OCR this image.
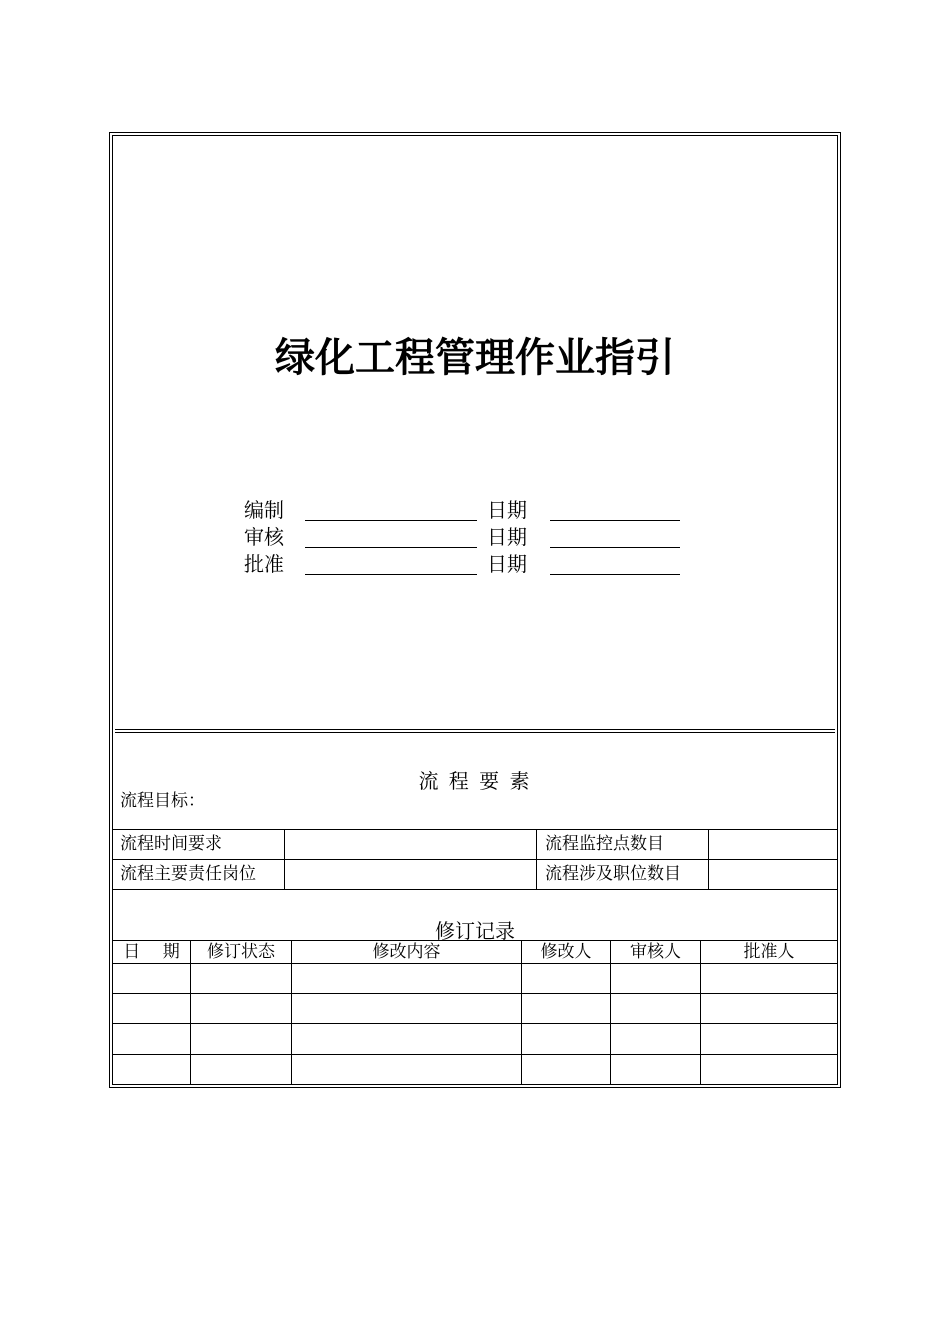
绿化工程管理作业指引
编制	日期
审核	日期
批准	日期
流 程 要 素
流程目标：
流程时间要求	流程监控点数目
流程主要责任岗位	流程涉及职位数目
修订记录
日　 期	修订状态	修改内容	修改人	审核人	批准人
